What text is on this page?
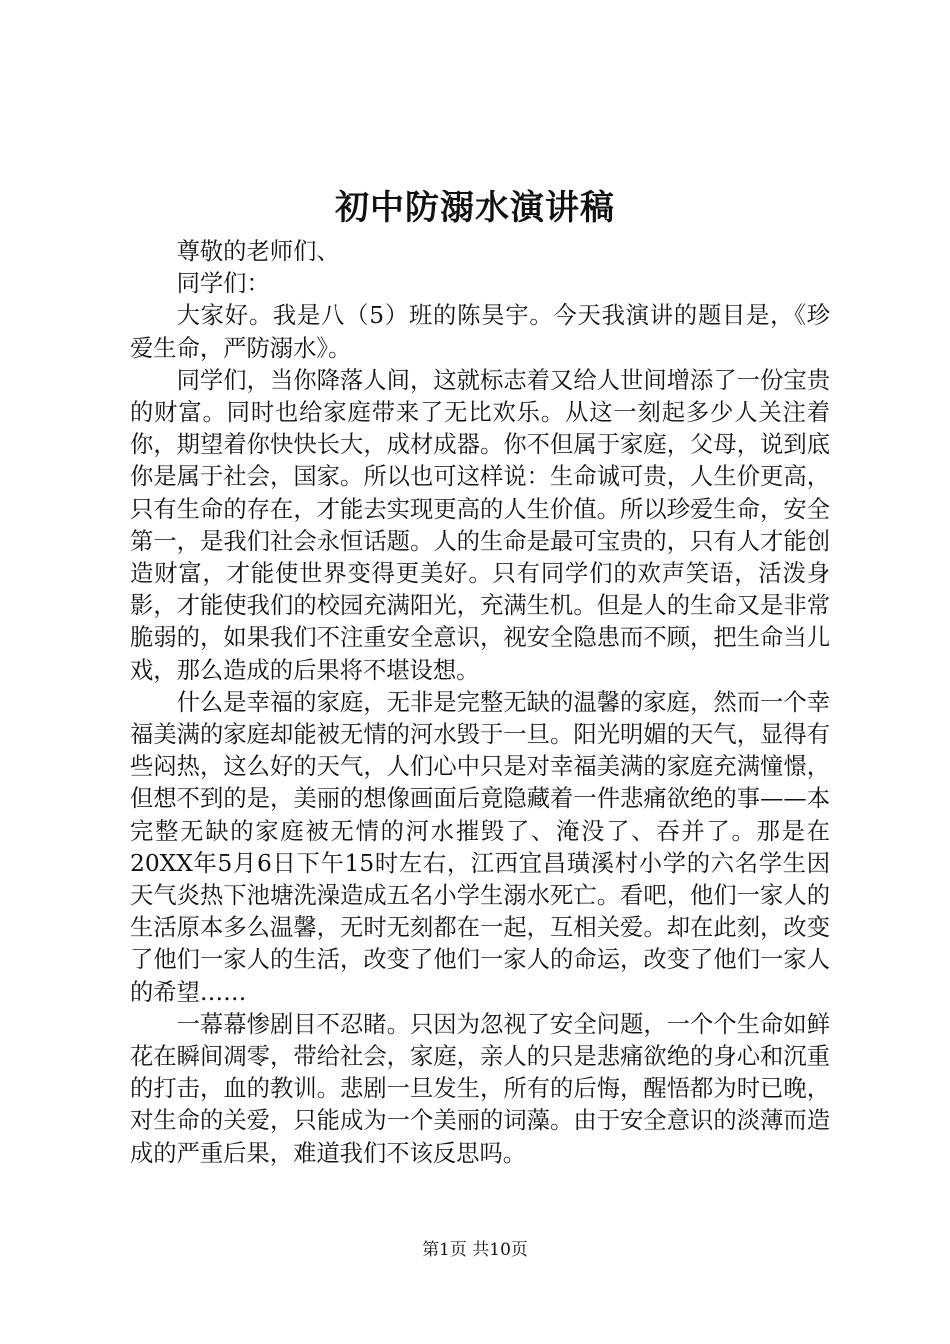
初中防溺水演讲稿

尊敬的老师们、

同学们：

大家好。我是八（5）班的陈昊宇。今天我演讲的题目是，《珍爱生命，严防溺水》。

同学们，当你降落人间，这就标志着又给人世间增添了一份宝贵的财富。同时也给家庭带来了无比欢乐。从这一刻起多少人关注着你，期望着你快快长大，成材成器。你不但属于家庭，父母，说到底你是属于社会，国家。所以也可这样说：生命诚可贵，人生价更高，只有生命的存在，才能去实现更高的人生价值。所以珍爱生命，安全第一，是我们社会永恒话题。人的生命是最可宝贵的，只有人才能创造财富，才能使世界变得更美好。只有同学们的欢声笑语，活泼身影，才能使我们的校园充满阳光，充满生机。但是人的生命又是非常脆弱的，如果我们不注重安全意识，视安全隐患而不顾，把生命当儿戏，那么造成的后果将不堪设想。

什么是幸福的家庭，无非是完整无缺的温馨的家庭，然而一个幸福美满的家庭却能被无情的河水毁于一旦。阳光明媚的天气，显得有些闷热，这么好的天气，人们心中只是对幸福美满的家庭充满憧憬，但想不到的是，美丽的想像画面后竟隐藏着一件悲痛欲绝的事——本完整无缺的家庭被无情的河水摧毁了、淹没了、吞并了。那是在20XX年5月6日下午15时左右，江西宜昌璜溪村小学的六名学生因天气炎热下池塘洗澡造成五名小学生溺水死亡。看吧，他们一家人的生活原本多么温馨，无时无刻都在一起，互相关爱。却在此刻，改变了他们一家人的生活，改变了他们一家人的命运，改变了他们一家人的希望……

一幕幕惨剧目不忍睹。只因为忽视了安全问题，一个个生命如鲜花在瞬间凋零，带给社会，家庭，亲人的只是悲痛欲绝的身心和沉重的打击，血的教训。悲剧一旦发生，所有的后悔，醒悟都为时已晚，对生命的关爱，只能成为一个美丽的词藻。由于安全意识的淡薄而造成的严重后果，难道我们不该反思吗。

第1页 共10页
